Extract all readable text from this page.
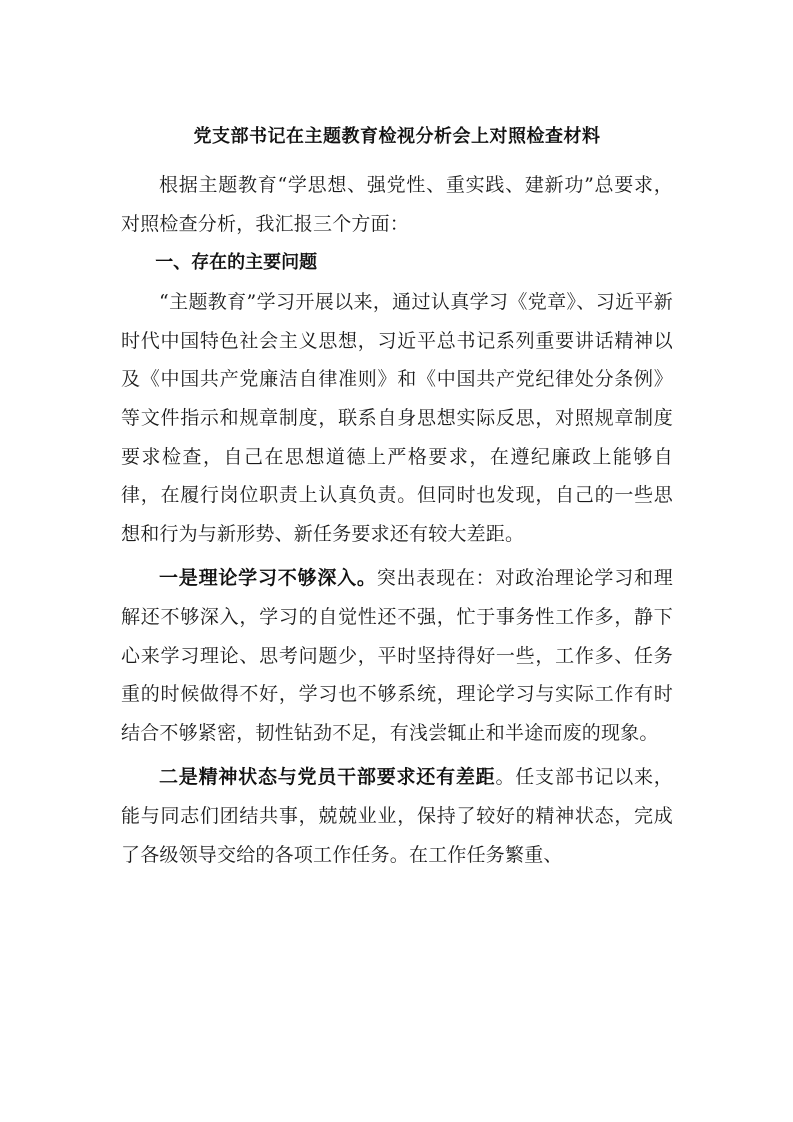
党支部书记在主题教育检视分析会上对照检查材料

根据主题教育“学思想、强党性、重实践、建新功”总要求，对照检查分析，我汇报三个方面：

一、存在的主要问题

“主题教育”学习开展以来，通过认真学习《党章》、习近平新时代中国特色社会主义思想，习近平总书记系列重要讲话精神以及《中国共产党廉洁自律准则》和《中国共产党纪律处分条例》等文件指示和规章制度，联系自身思想实际反思，对照规章制度要求检查，自己在思想道德上严格要求，在遵纪廉政上能够自律，在履行岗位职责上认真负责。但同时也发现，自己的一些思想和行为与新形势、新任务要求还有较大差距。

一是理论学习不够深入。突出表现在：对政治理论学习和理解还不够深入，学习的自觉性还不强，忙于事务性工作多，静下心来学习理论、思考问题少，平时坚持得好一些，工作多、任务重的时候做得不好，学习也不够系统，理论学习与实际工作有时结合不够紧密，韧性钻劲不足，有浅尝辄止和半途而废的现象。

二是精神状态与党员干部要求还有差距。任支部书记以来，能与同志们团结共事，兢兢业业，保持了较好的精神状态，完成了各级领导交给的各项工作任务。在工作任务繁重、
